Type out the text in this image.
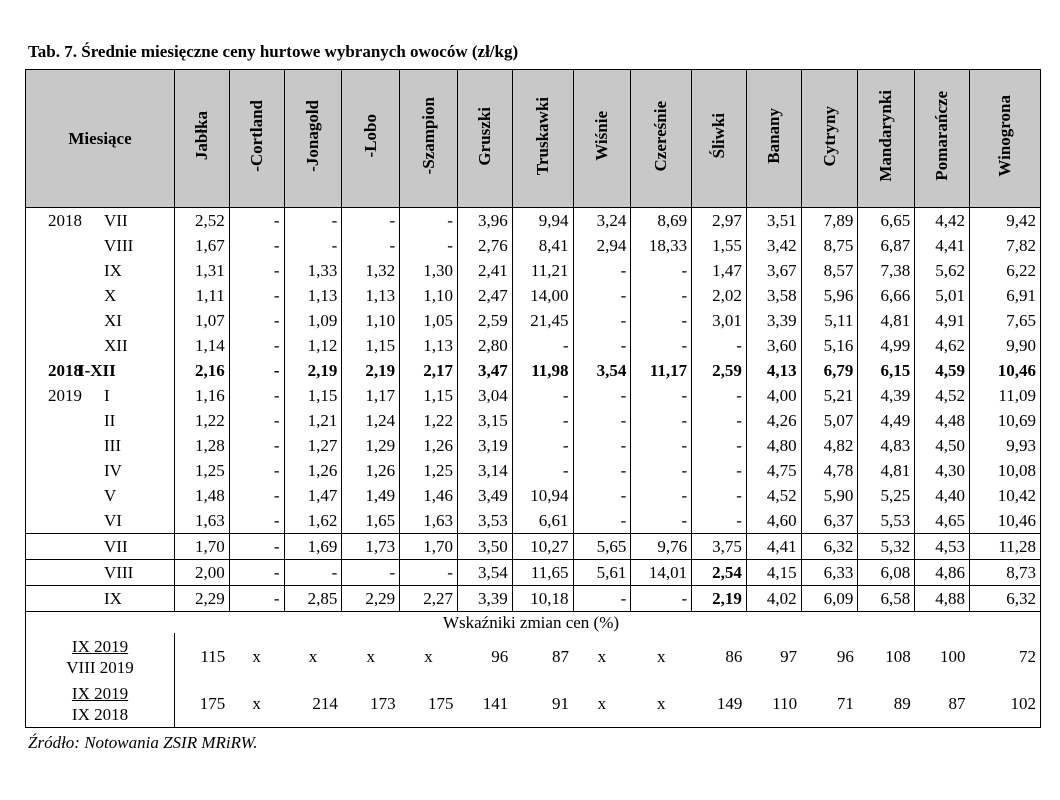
Tab. 7. Średnie miesięczne ceny hurtowe wybranych owoców (zł/kg)
Miesiące	Jabłka	-Cortland	-Jonagold	-Lobo	-Szampion	Gruszki	Truskawki	Wiśnie	Czereśnie	Śliwki	Banany	Cytryny	Mandarynki	Pomarańcze	Winogrona
2018 VII	2,52	-	-	-	-	3,96	9,94	3,24	8,69	2,97	3,51	7,89	6,65	4,42	9,42
VIII	1,67	-	-	-	-	2,76	8,41	2,94	18,33	1,55	3,42	8,75	6,87	4,41	7,82
IX	1,31	-	1,33	1,32	1,30	2,41	11,21	-	-	1,47	3,67	8,57	7,38	5,62	6,22
X	1,11	-	1,13	1,13	1,10	2,47	14,00	-	-	2,02	3,58	5,96	6,66	5,01	6,91
XI	1,07	-	1,09	1,10	1,05	2,59	21,45	-	-	3,01	3,39	5,11	4,81	4,91	7,65
XII	1,14	-	1,12	1,15	1,13	2,80	-	-	-	-	3,60	5,16	4,99	4,62	9,90
2018I-XII	2,16	-	2,19	2,19	2,17	3,47	11,98	3,54	11,17	2,59	4,13	6,79	6,15	4,59	10,46
2019 I	1,16	-	1,15	1,17	1,15	3,04	-	-	-	-	4,00	5,21	4,39	4,52	11,09
II	1,22	-	1,21	1,24	1,22	3,15	-	-	-	-	4,26	5,07	4,49	4,48	10,69
III	1,28	-	1,27	1,29	1,26	3,19	-	-	-	-	4,80	4,82	4,83	4,50	9,93
IV	1,25	-	1,26	1,26	1,25	3,14	-	-	-	-	4,75	4,78	4,81	4,30	10,08
V	1,48	-	1,47	1,49	1,46	3,49	10,94	-	-	-	4,52	5,90	5,25	4,40	10,42
VI	1,63	-	1,62	1,65	1,63	3,53	6,61	-	-	-	4,60	6,37	5,53	4,65	10,46
VII	1,70	-	1,69	1,73	1,70	3,50	10,27	5,65	9,76	3,75	4,41	6,32	5,32	4,53	11,28
VIII	2,00	-	-	-	-	3,54	11,65	5,61	14,01	2,54	4,15	6,33	6,08	4,86	8,73
IX	2,29	-	2,85	2,29	2,27	3,39	10,18	-	-	2,19	4,02	6,09	6,58	4,88	6,32
Wskaźniki zmian cen (%)															

IX 2019
VIII 2019	115	x	x	x	x	96	87	x	x	86	97	96	108	100	72

IX 2019
IX 2018	175	x	214	173	175	141	91	x	x	149	110	71	89	87	102
Źródło: Notowania ZSIR MRiRW.
